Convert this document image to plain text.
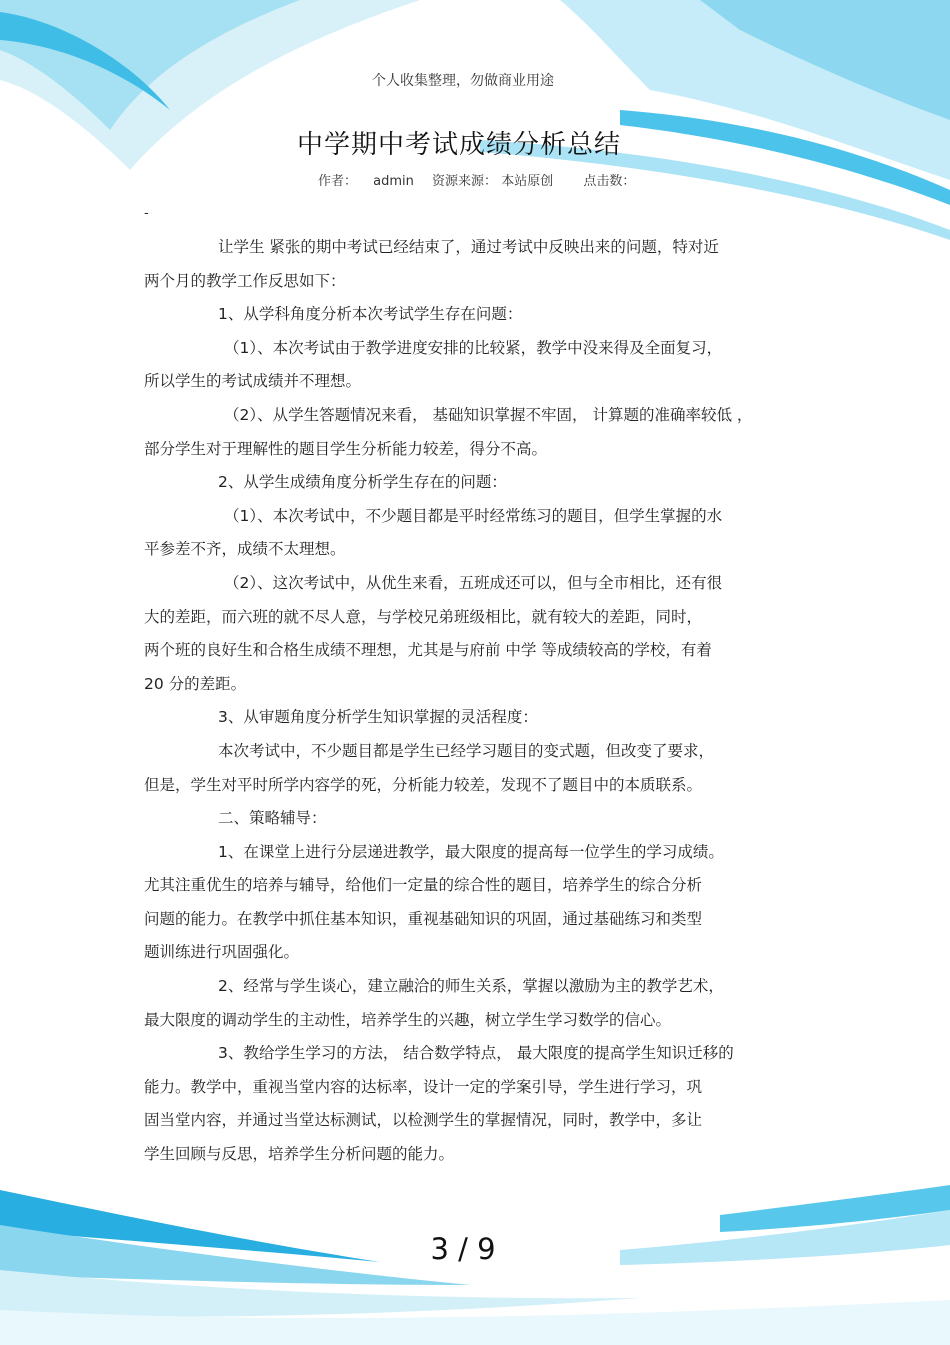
个人收集整理，勿做商业用途
中学期中考试成绩分析总结
作者： admin 资源来源： 本站原创 点击数：
-
让学生 紧张的期中考试已经结束了，通过考试中反映出来的问题，特对近
两个月的教学工作反思如下：
1、从学科角度分析本次考试学生存在问题：
（1）、本次考试由于教学进度安排的比较紧，教学中没来得及全面复习，
所以学生的考试成绩并不理想。
（2）、从学生答题情况来看， 基础知识掌握不牢固， 计算题的准确率较低 ，
部分学生对于理解性的题目学生分析能力较差，得分不高。
2、从学生成绩角度分析学生存在的问题：
（1）、本次考试中，不少题目都是平时经常练习的题目，但学生掌握的水
平参差不齐，成绩不太理想。
（2）、这次考试中，从优生来看，五班成还可以，但与全市相比，还有很
大的差距，而六班的就不尽人意，与学校兄弟班级相比，就有较大的差距，同时，
两个班的良好生和合格生成绩不理想，尤其是与府前 中学 等成绩较高的学校，有着
20 分的差距。
3、从审题角度分析学生知识掌握的灵活程度：
本次考试中，不少题目都是学生已经学习题目的变式题，但改变了要求，
但是，学生对平时所学内容学的死，分析能力较差，发现不了题目中的本质联系。
二、策略辅导：
1、在课堂上进行分层递进教学，最大限度的提高每一位学生的学习成绩。
尤其注重优生的培养与辅导，给他们一定量的综合性的题目，培养学生的综合分析
问题的能力。在教学中抓住基本知识，重视基础知识的巩固，通过基础练习和类型
题训练进行巩固强化。
2、经常与学生谈心，建立融洽的师生关系，掌握以激励为主的教学艺术，
最大限度的调动学生的主动性，培养学生的兴趣，树立学生学习数学的信心。
3、教给学生学习的方法， 结合数学特点， 最大限度的提高学生知识迁移的
能力。教学中，重视当堂内容的达标率，设计一定的学案引导，学生进行学习，巩
固当堂内容，并通过当堂达标测试，以检测学生的掌握情况，同时，教学中，多让
学生回顾与反思，培养学生分析问题的能力。
3 / 9
